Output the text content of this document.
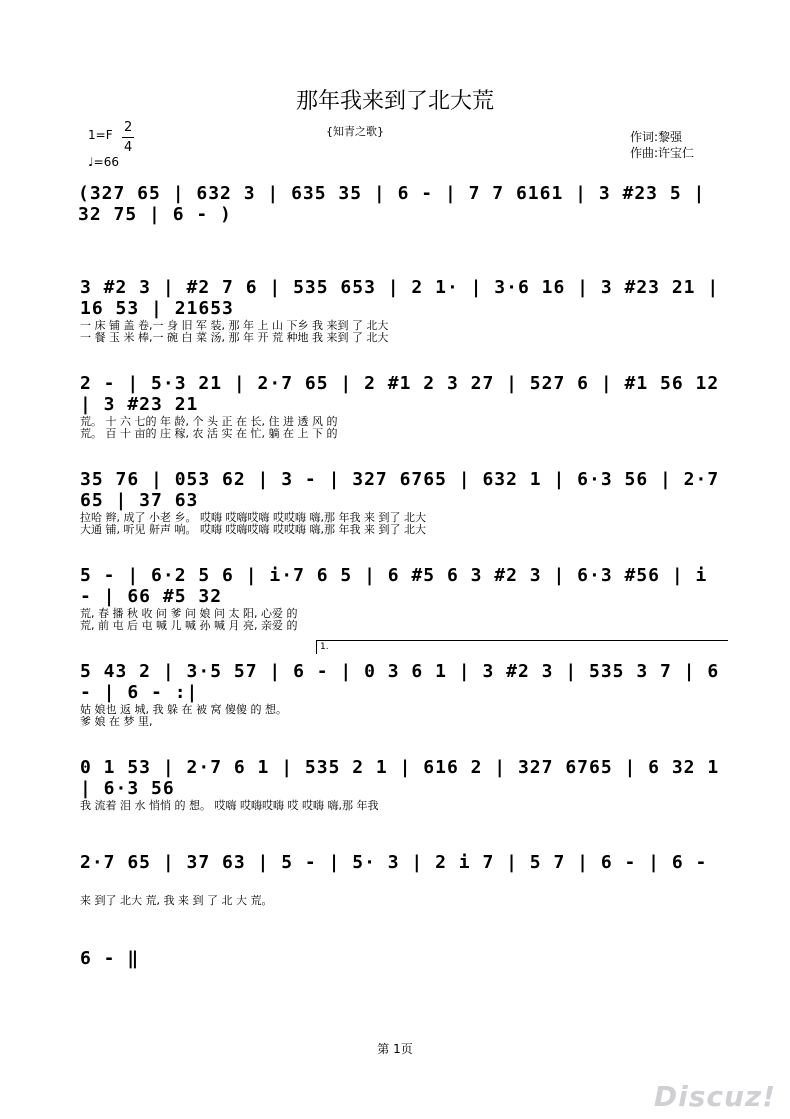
那年我来到了北大荒
{知青之歌}
1=F 2
4
♩=66
作词:黎强
作曲:许宝仁
(327 65 | 632 3 | 635 35 | 6 - | 7 7 6161 | 3 #23 5 | 32 75 | 6 - )
3 #2 3 | #2 7 6 | 535 653 | 2 1· | 3·6 16 | 3 #23 21 | 16 53 | 21653
一 床 铺 盖 卷,一 身 旧 军 装, 那 年 上 山 下乡 我 来到 了 北大
一 餐 玉 米 棒,一 碗 白 菜 汤, 那 年 开 荒 种地 我 来到 了 北大
2 - | 5·3 21 | 2·7 65 | 2 #1 2 3 27 | 527 6 | #1 56 12 | 3 #23 21
荒。 十 六 七的 年 龄, 个 头 正 在 长, 住 进 透 风 的
荒。 百 十 亩的 庄 稼, 农 活 实 在 忙, 躺 在 上 下 的
35 76 | 053 62 | 3 - | 327 6765 | 632 1 | 6·3 56 | 2·7 65 | 37 63
拉哈 辫, 成了 小老 乡。 哎嗨 哎嗨哎嗨 哎哎嗨 嗨,那 年我 来 到了 北大
大通 铺, 听见 鼾声 响。 哎嗨 哎嗨哎嗨 哎哎嗨 嗨,那 年我 来 到了 北大
5 - | 6·2 5 6 | i·7 6 5 | 6 #5 6 3 #2 3 | 6·3 #56 | i - | 66 #5 32
荒, 春 播 秋 收 问 爹 问 娘 问 太 阳, 心爱 的
荒, 前 屯 后 屯 喊 儿 喊 孙 喊 月 亮, 亲爱 的
1.
5 43 2 | 3·5 57 | 6 - | 0 3 6 1 | 3 #2 3 | 535 3 7 | 6 - | 6 - :|
姑 娘也 返 城, 我 躲 在 被 窝 傻傻 的 想。
爹 娘 在 梦 里,
0 1 53 | 2·7 6 1 | 535 2 1 | 616 2 | 327 6765 | 6 32 1 | 6·3 56
我 流着 泪 水 悄悄 的 想。 哎嗨 哎嗨哎嗨 哎 哎嗨 嗨,那 年我
2·7 65 | 37 63 | 5 - | 5· 3 | 2 i 7 | 5 7 | 6 - | 6 -
来 到了 北大 荒, 我 来 到 了 北 大 荒。
6 - ‖
第 1页
Discuz!
